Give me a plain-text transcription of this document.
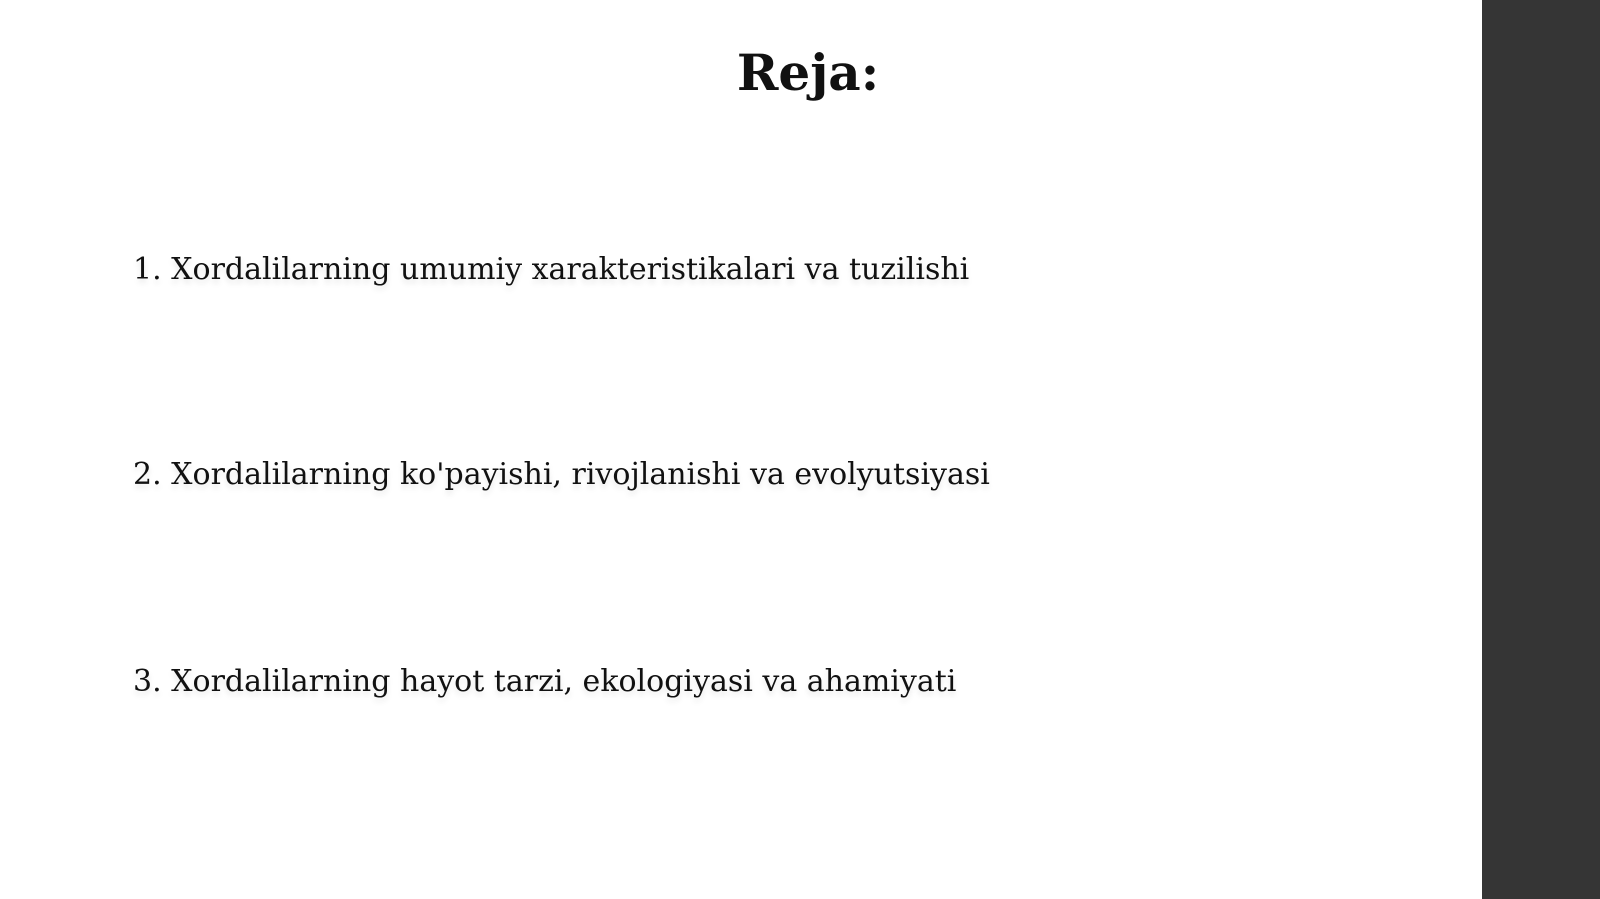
Reja:
1. Xordalilarning umumiy xarakteristikalari va tuzilishi
2. Xordalilarning ko'payishi, rivojlanishi va evolyutsiyasi
3. Xordalilarning hayot tarzi, ekologiyasi va ahamiyati
